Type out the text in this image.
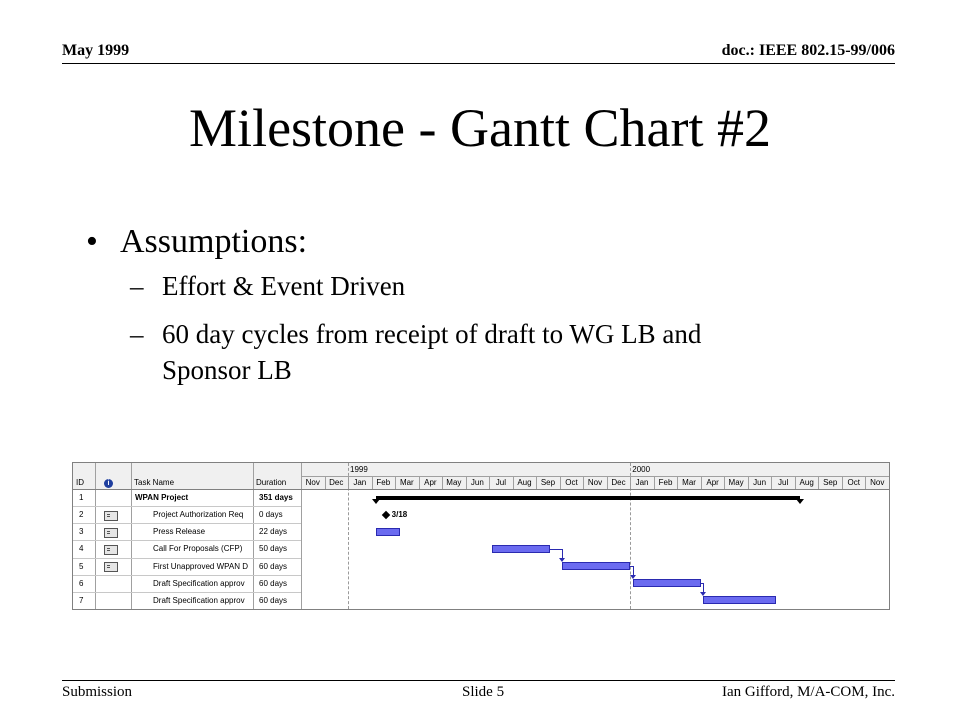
May 1999	doc.: IEEE 802.15-99/006
Milestone - Gantt Chart #2
• Assumptions:
– Effort & Event Driven
– 60 day cycles from receipt of draft to WG LB and
Sponsor LB
ID	i	Task Name	Duration
1999	2000
Nov	Dec	Jan	Feb	Mar	Apr	May	Jun	Jul	Aug	Sep	Oct	Nov	Dec	Jan	Feb	Mar	Apr	May	Jun	Jul	Aug	Sep	Oct	Nov
1	WPAN Project	351 days
2	Project Authorization Req	0 days	3/18
3	Press Release	22 days
4	Call For Proposals (CFP)	50 days
5	First Unapproved WPAN D	60 days
6	Draft Specification approv	60 days
7	Draft Specification approv	60 days
Submission	Slide 5	Ian Gifford, M/A-COM, Inc.
